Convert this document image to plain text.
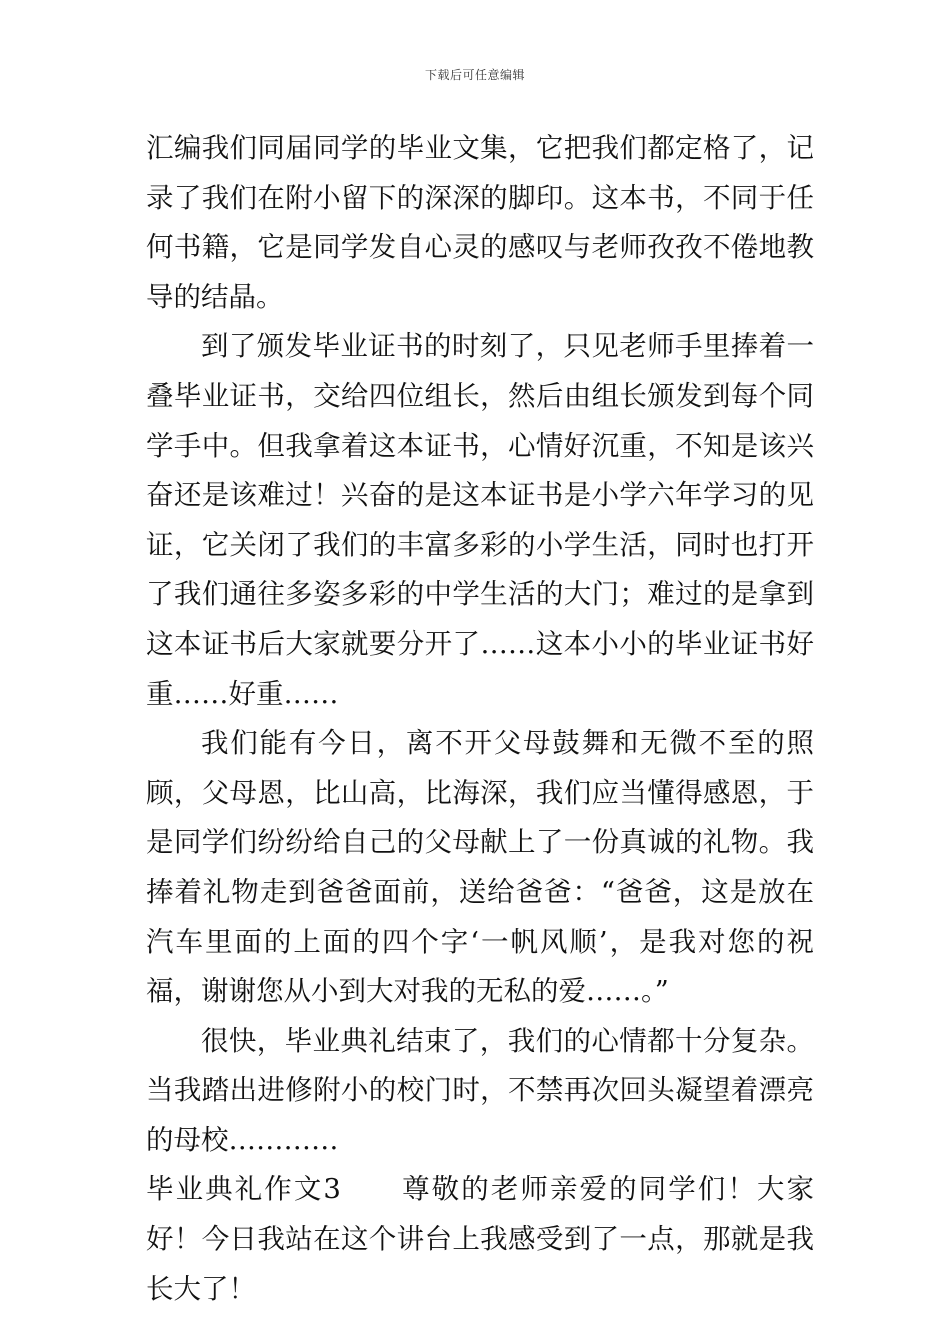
下载后可任意编辑

汇编我们同届同学的毕业文集，它把我们都定格了，记录了我们在附小留下的深深的脚印。这本书，不同于任何书籍，它是同学发自心灵的感叹与老师孜孜不倦地教导的结晶。

到了颁发毕业证书的时刻了，只见老师手里捧着一叠毕业证书，交给四位组长，然后由组长颁发到每个同学手中。但我拿着这本证书，心情好沉重，不知是该兴奋还是该难过！兴奋的是这本证书是小学六年学习的见证，它关闭了我们的丰富多彩的小学生活，同时也打开了我们通往多姿多彩的中学生活的大门；难过的是拿到这本证书后大家就要分开了……这本小小的毕业证书好重……好重……

我们能有今日，离不开父母鼓舞和无微不至的照顾，父母恩，比山高，比海深，我们应当懂得感恩，于是同学们纷纷给自己的父母献上了一份真诚的礼物。我捧着礼物走到爸爸面前，送给爸爸：“爸爸，这是放在汽车里面的上面的四个字‘一帆风顺’，是我对您的祝福，谢谢您从小到大对我的无私的爱……。”

很快，毕业典礼结束了，我们的心情都十分复杂。当我踏出进修附小的校门时，不禁再次回头凝望着漂亮的母校…………

毕业典礼作文3　　尊敬的老师亲爱的同学们！大家好！今日我站在这个讲台上我感受到了一点，那就是我长大了！
